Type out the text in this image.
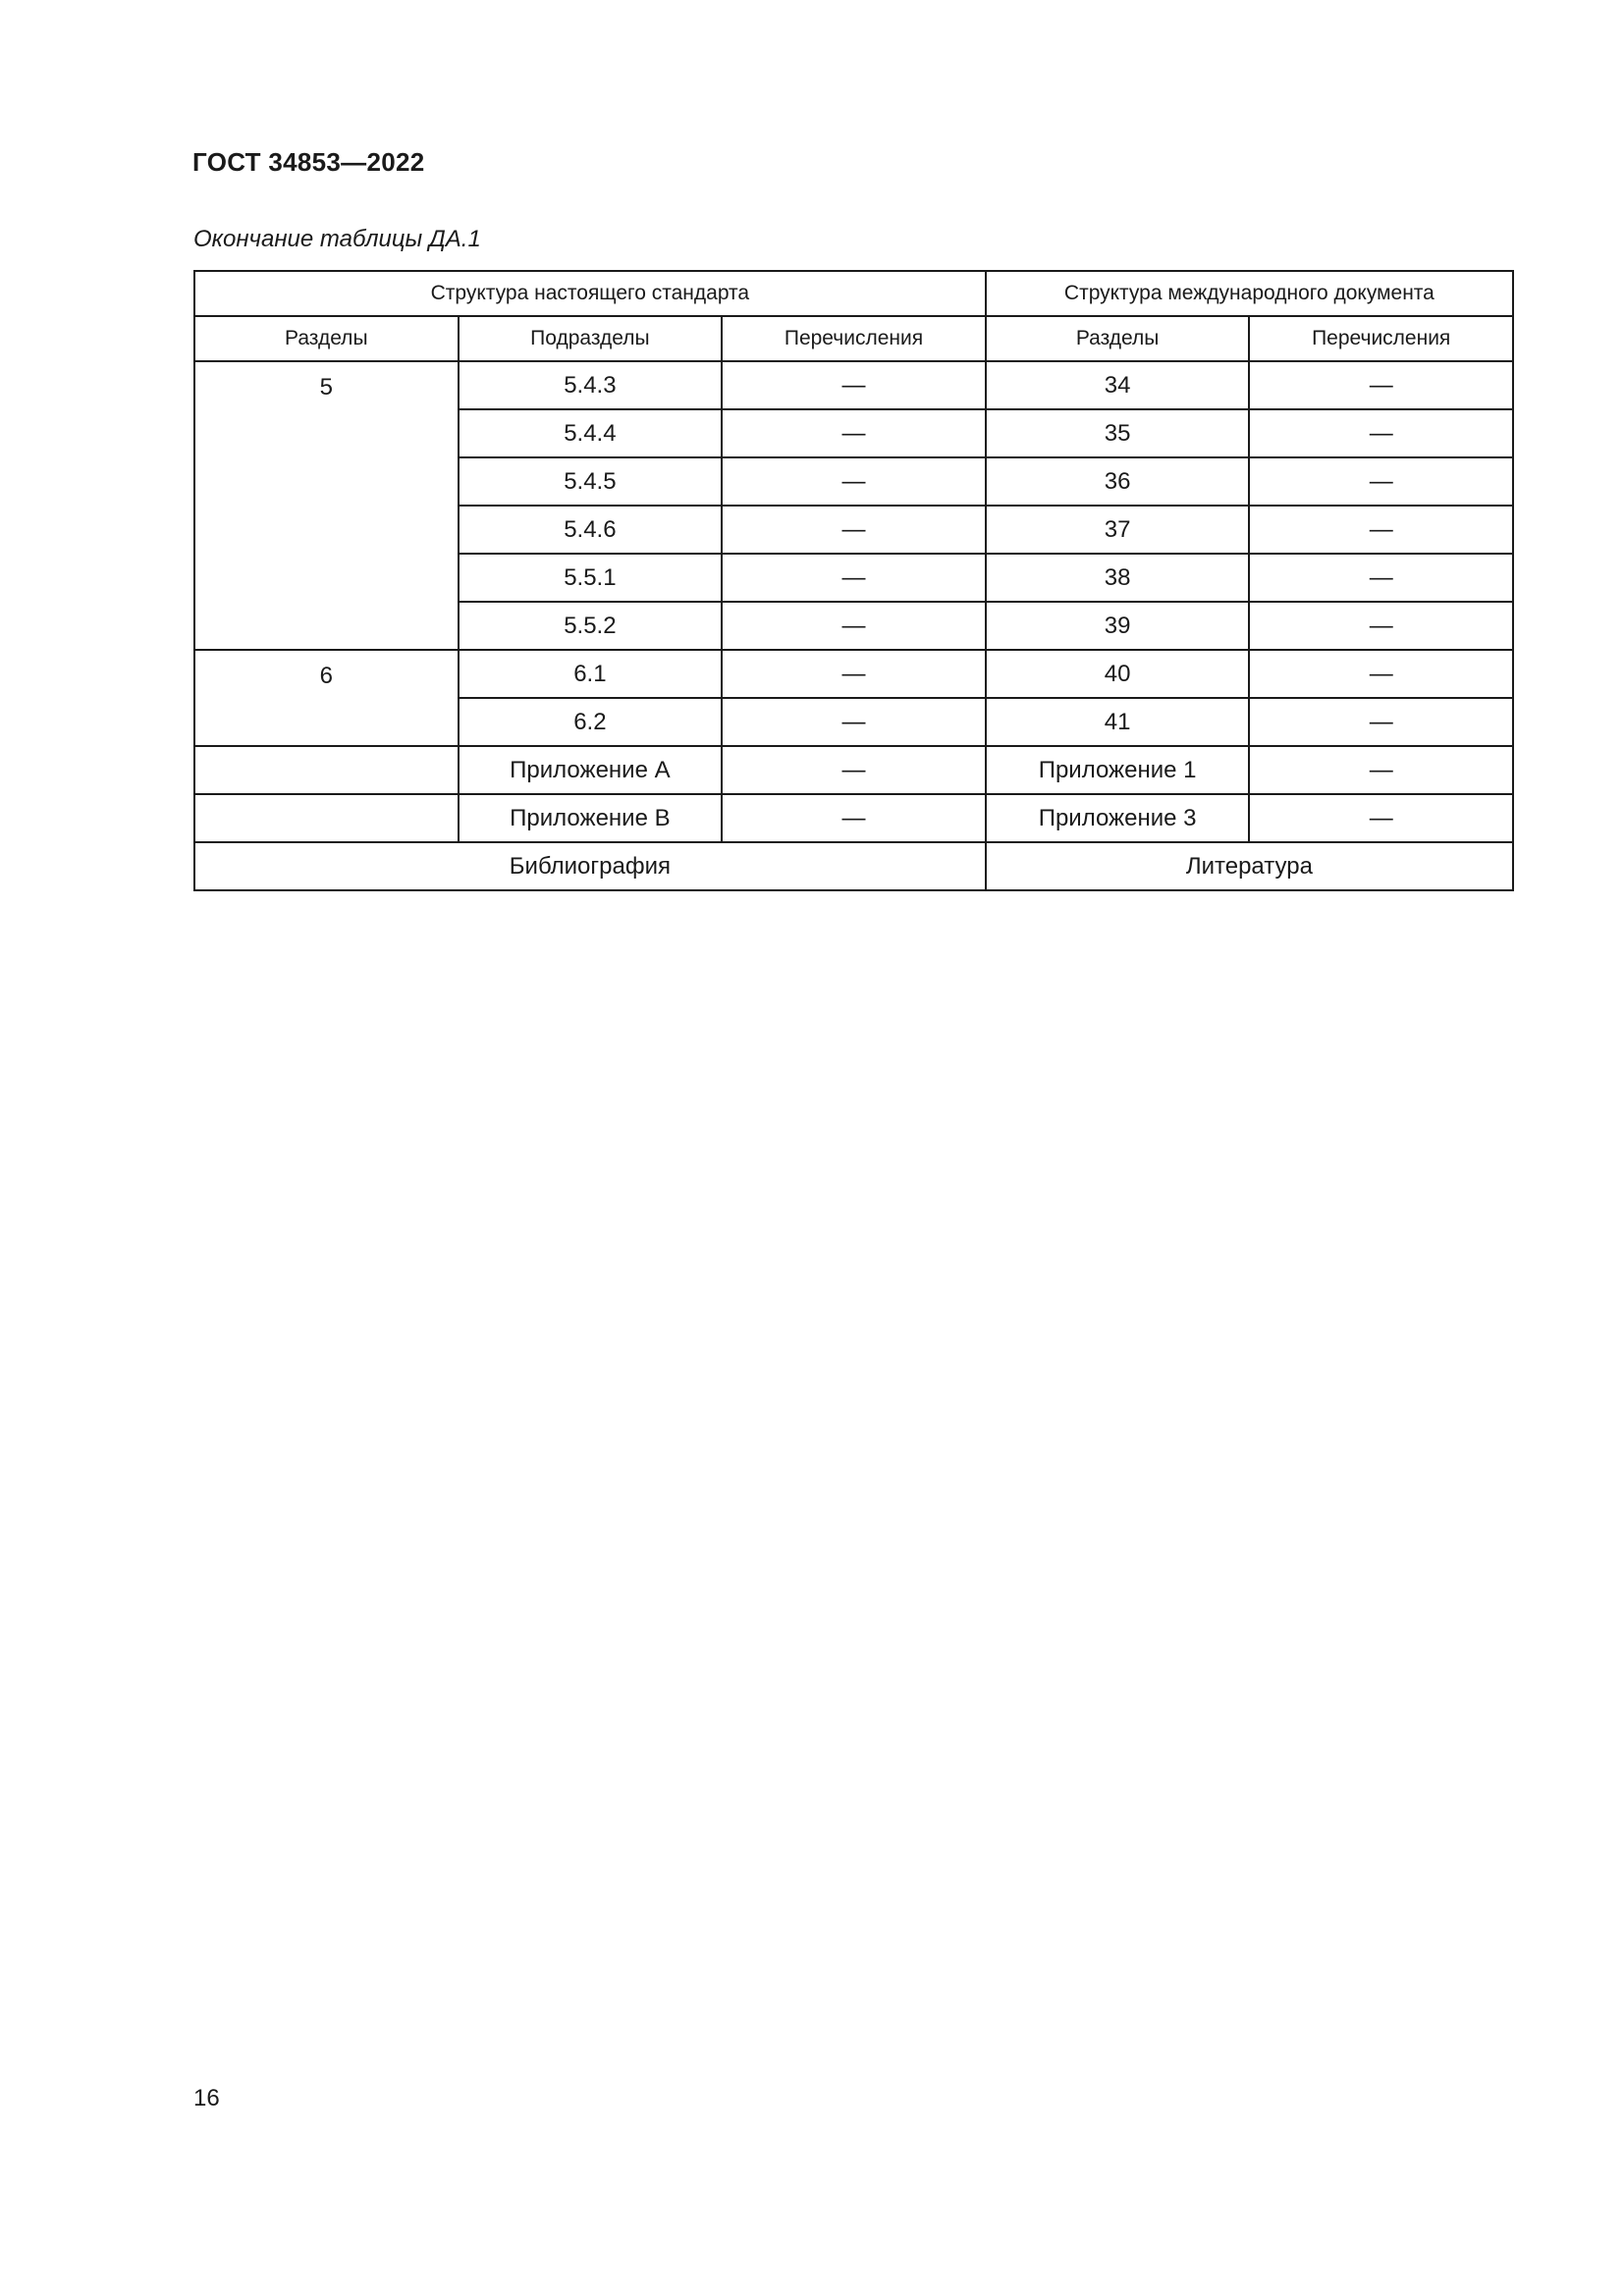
ГОСТ 34853—2022
Окончание таблицы ДА.1
Структура настоящего стандарта			Структура международного документа	
Разделы	Подразделы	Перечисления	Разделы	Перечисления
5	5.4.3	—	34	—
	5.4.4	—	35	—
	5.4.5	—	36	—
	5.4.6	—	37	—
	5.5.1	—	38	—
	5.5.2	—	39	—
6	6.1	—	40	—
	6.2	—	41	—
	Приложение А	—	Приложение 1	—
	Приложение В	—	Приложение 3	—
Библиография			Литература	
16
